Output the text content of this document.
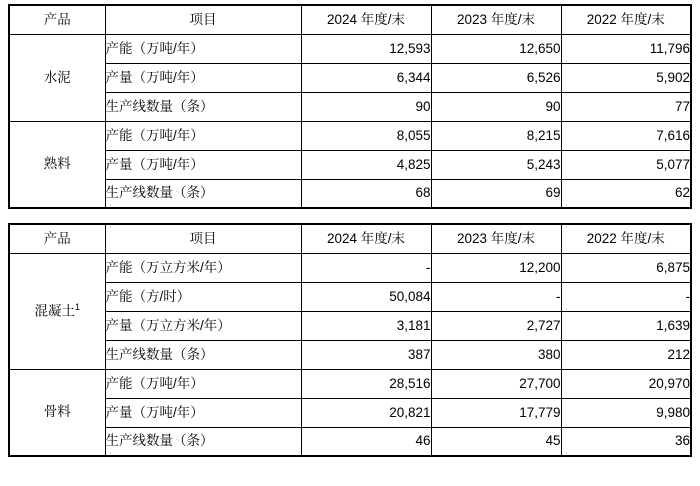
产品	项目	2024 年度/末	2023 年度/末	2022 年度/末
水泥	产能（万吨/年）	12,593	12,650	11,796
	产量（万吨/年）	6,344	6,526	5,902
	生产线数量（条）	90	90	77
熟料	产能（万吨/年）	8,055	8,215	7,616
	产量（万吨/年）	4,825	5,243	5,077
	生产线数量（条）	68	69	62
产品	项目	2024 年度/末	2023 年度/末	2022 年度/末
混凝土$^1$	产能（万立方米/年）	-	12,200	6,875
	产能（方/时）	50,084	-	-
	产量（万立方米/年）	3,181	2,727	1,639
	生产线数量（条）	387	380	212
骨料	产能（万吨/年）	28,516	27,700	20,970
	产量（万吨/年）	20,821	17,779	9,980
	生产线数量（条）	46	45	36
